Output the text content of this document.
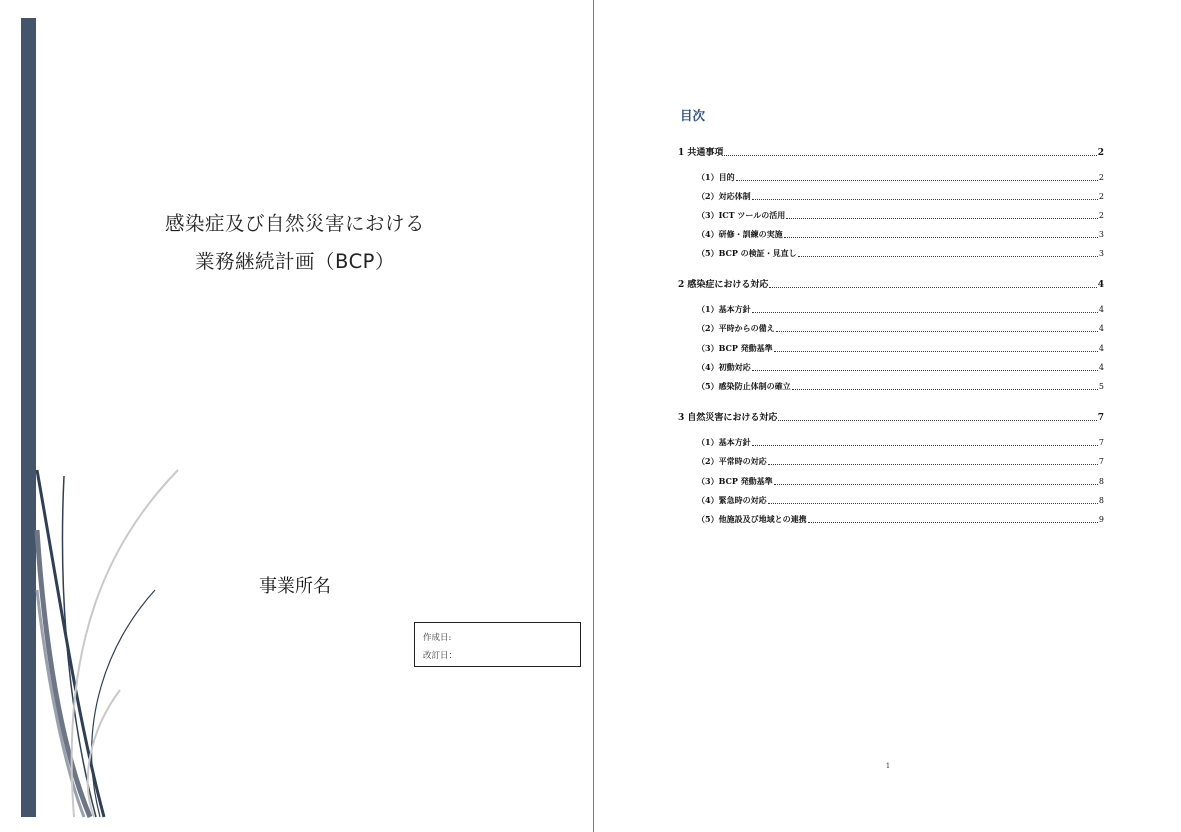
感染症及び自然災害における
業務継続計画（BCP）
事業所名
作成日:
改訂日：
目次
1 共通事項	2
（1）目的	2
（2）対応体制	2
（3）ICT ツールの活用	2
（4）研修・訓練の実施	3
（5）BCP の検証・見直し	3
2 感染症における対応	4
（1）基本方針	4
（2）平時からの備え	4
（3）BCP 発動基準	4
（4）初動対応	4
（5）感染防止体制の確立	5
3 自然災害における対応	7
（1）基本方針	7
（2）平常時の対応	7
（3）BCP 発動基準	8
（4）緊急時の対応	8
（5）他施設及び地域との連携	9
1
